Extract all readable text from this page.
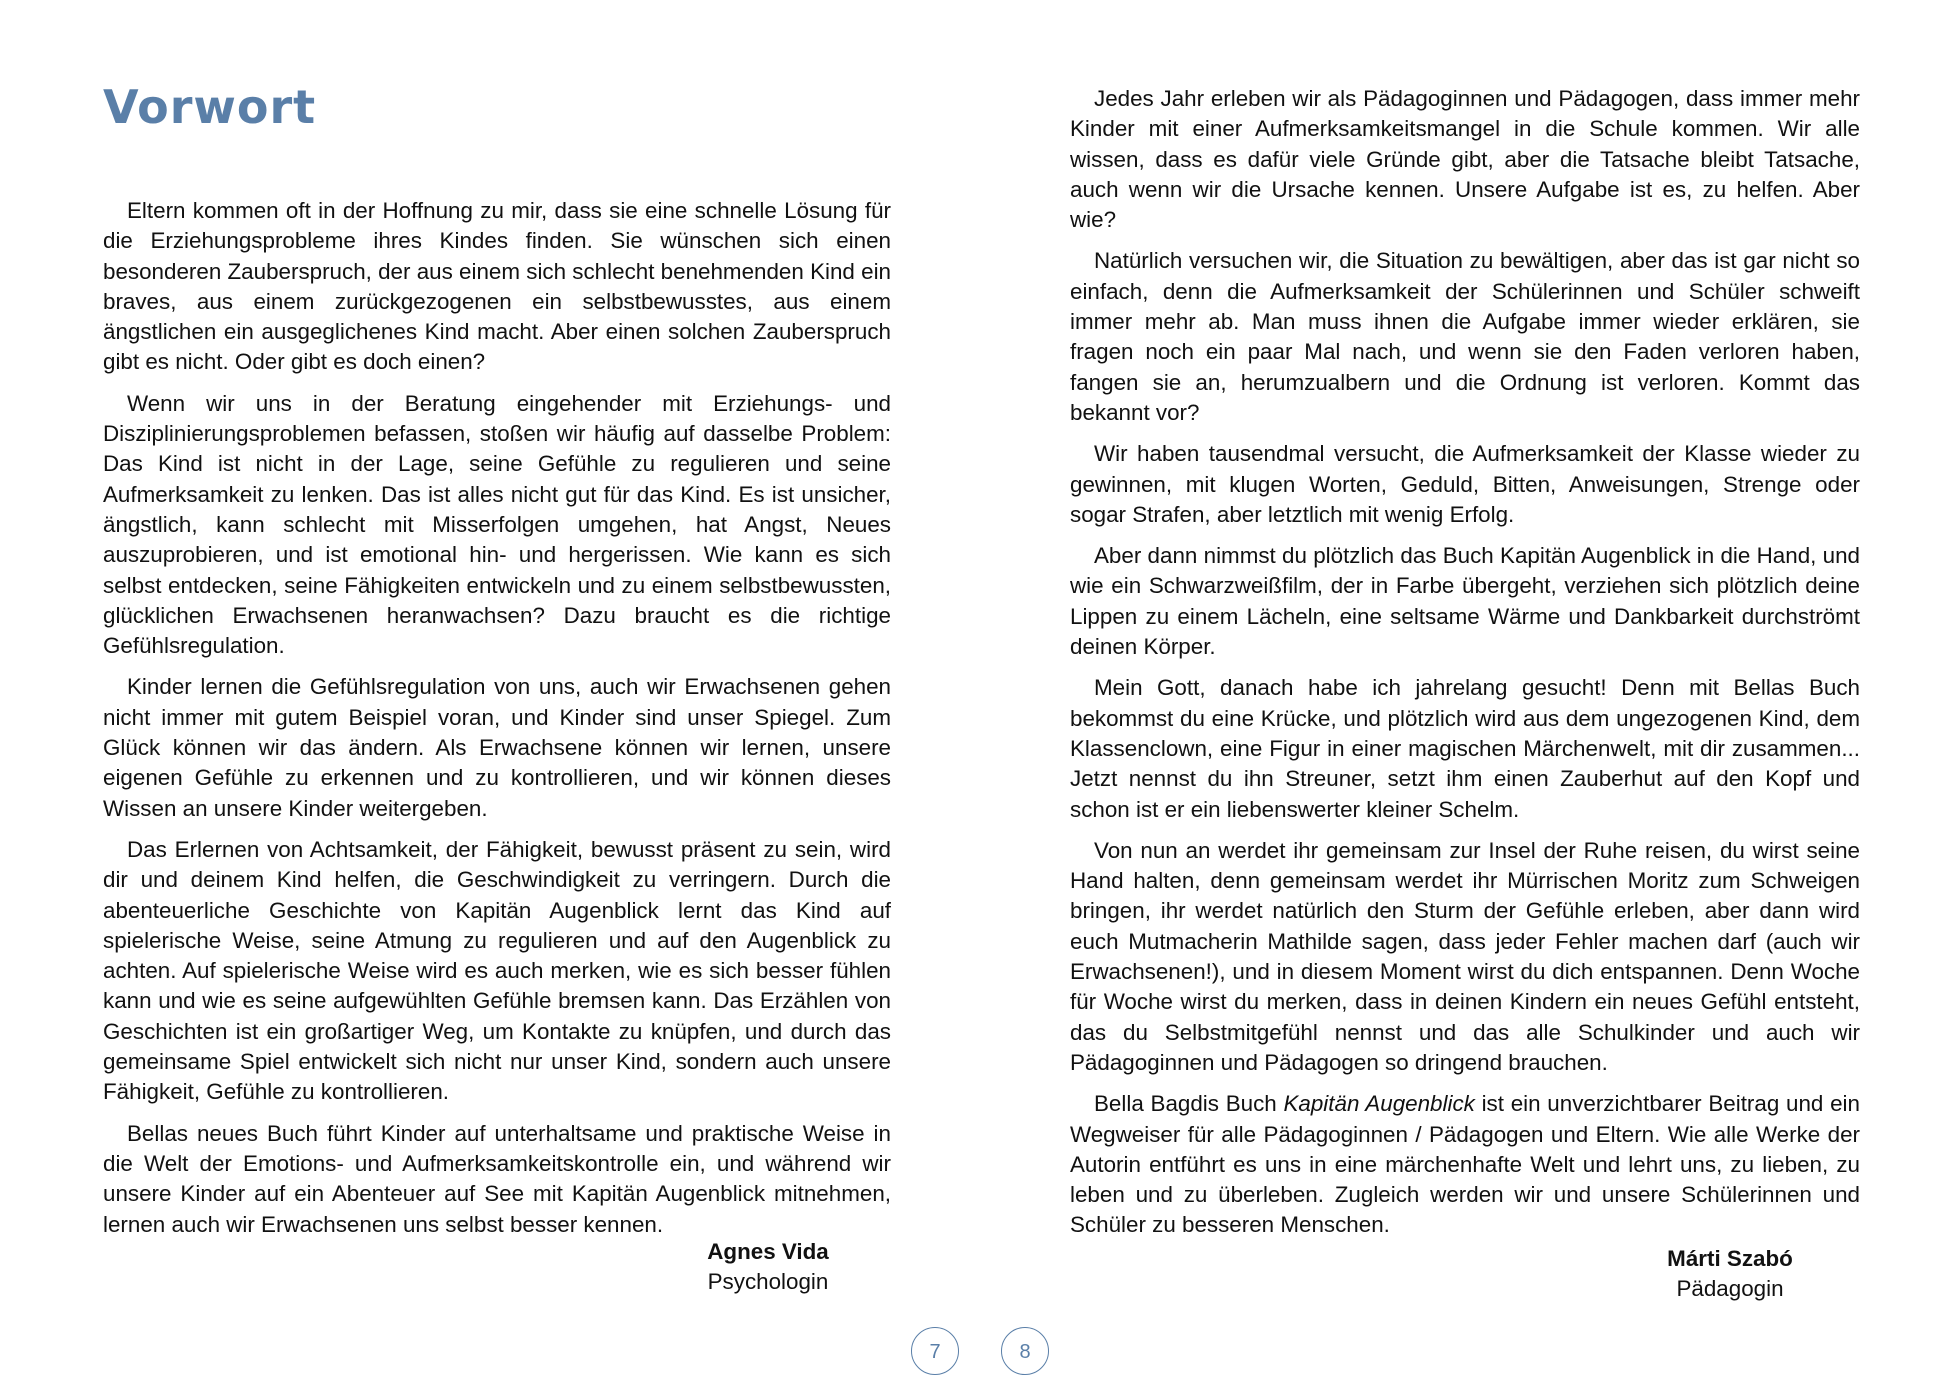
Vorwort

Eltern kommen oft in der Hoffnung zu mir, dass sie eine schnelle Lösung für die Erziehungsprobleme ihres Kindes finden. Sie wünschen sich einen besonderen Zauberspruch, der aus einem sich schlecht benehmenden Kind ein braves, aus einem zurückgezogenen ein selbstbewusstes, aus einem ängstlichen ein ausgeglichenes Kind macht. Aber einen solchen Zauberspruch gibt es nicht. Oder gibt es doch einen?

Wenn wir uns in der Beratung eingehender mit Erziehungs- und Disziplinierungsproblemen befassen, stoßen wir häufig auf dasselbe Problem: Das Kind ist nicht in der Lage, seine Gefühle zu regulieren und seine Aufmerksamkeit zu lenken. Das ist alles nicht gut für das Kind. Es ist unsicher, ängstlich, kann schlecht mit Misserfolgen umgehen, hat Angst, Neues auszuprobieren, und ist emotional hin- und hergerissen. Wie kann es sich selbst entdecken, seine Fähigkeiten entwickeln und zu einem selbstbewussten, glücklichen Erwachsenen heranwachsen? Dazu braucht es die richtige Gefühlsregulation.

Kinder lernen die Gefühlsregulation von uns, auch wir Erwachsenen gehen nicht immer mit gutem Beispiel voran, und Kinder sind unser Spiegel. Zum Glück können wir das ändern. Als Erwachsene können wir lernen, unsere eigenen Gefühle zu erkennen und zu kontrollieren, und wir können dieses Wissen an unsere Kinder weitergeben.

Das Erlernen von Achtsamkeit, der Fähigkeit, bewusst präsent zu sein, wird dir und deinem Kind helfen, die Geschwindigkeit zu verringern. Durch die abenteuerliche Geschichte von Kapitän Augenblick lernt das Kind auf spielerische Weise, seine Atmung zu regulieren und auf den Augenblick zu achten. Auf spielerische Weise wird es auch merken, wie es sich besser fühlen kann und wie es seine aufgewühlten Gefühle bremsen kann. Das Erzählen von Geschichten ist ein großartiger Weg, um Kontakte zu knüpfen, und durch das gemeinsame Spiel entwickelt sich nicht nur unser Kind, sondern auch unsere Fähigkeit, Gefühle zu kontrollieren.

Bellas neues Buch führt Kinder auf unterhaltsame und praktische Weise in die Welt der Emotions- und Aufmerksamkeitskontrolle ein, und während wir unsere Kinder auf ein Abenteuer auf See mit Kapitän Augenblick mitnehmen, lernen auch wir Erwachsenen uns selbst besser kennen.

Agnes Vida
Psychologin

Jedes Jahr erleben wir als Pädagoginnen und Pädagogen, dass immer mehr Kinder mit einer Aufmerksamkeitsmangel in die Schule kommen. Wir alle wissen, dass es dafür viele Gründe gibt, aber die Tatsache bleibt Tatsache, auch wenn wir die Ursache kennen. Unsere Aufgabe ist es, zu helfen. Aber wie?

Natürlich versuchen wir, die Situation zu bewältigen, aber das ist gar nicht so einfach, denn die Aufmerksamkeit der Schülerinnen und Schüler schweift immer mehr ab. Man muss ihnen die Aufgabe immer wieder erklären, sie fragen noch ein paar Mal nach, und wenn sie den Faden verloren haben, fangen sie an, herumzualbern und die Ordnung ist verloren. Kommt das bekannt vor?

Wir haben tausendmal versucht, die Aufmerksamkeit der Klasse wieder zu gewinnen, mit klugen Worten, Geduld, Bitten, Anweisungen, Strenge oder sogar Strafen, aber letztlich mit wenig Erfolg.

Aber dann nimmst du plötzlich das Buch Kapitän Augenblick in die Hand, und wie ein Schwarzweißfilm, der in Farbe übergeht, verziehen sich plötzlich deine Lippen zu einem Lächeln, eine seltsame Wärme und Dankbarkeit durchströmt deinen Körper.

Mein Gott, danach habe ich jahrelang gesucht! Denn mit Bellas Buch bekommst du eine Krücke, und plötzlich wird aus dem ungezogenen Kind, dem Klassenclown, eine Figur in einer magischen Märchenwelt, mit dir zusammen... Jetzt nennst du ihn Streuner, setzt ihm einen Zauberhut auf den Kopf und schon ist er ein liebenswerter kleiner Schelm.

Von nun an werdet ihr gemeinsam zur Insel der Ruhe reisen, du wirst seine Hand halten, denn gemeinsam werdet ihr Mürrischen Moritz zum Schweigen bringen, ihr werdet natürlich den Sturm der Gefühle erleben, aber dann wird euch Mutmacherin Mathilde sagen, dass jeder Fehler machen darf (auch wir Erwachsenen!), und in diesem Moment wirst du dich entspannen. Denn Woche für Woche wirst du merken, dass in deinen Kindern ein neues Gefühl entsteht, das du Selbstmitgefühl nennst und das alle Schulkinder und auch wir Pädagoginnen und Pädagogen so dringend brauchen.

Bella Bagdis Buch Kapitän Augenblick ist ein unverzichtbarer Beitrag und ein Wegweiser für alle Pädagoginnen / Pädagogen und Eltern. Wie alle Werke der Autorin entführt es uns in eine märchenhafte Welt und lehrt uns, zu lieben, zu leben und zu überleben. Zugleich werden wir und unsere Schülerinnen und Schüler zu besseren Menschen.

Márti Szabó
Pädagogin
7	8
